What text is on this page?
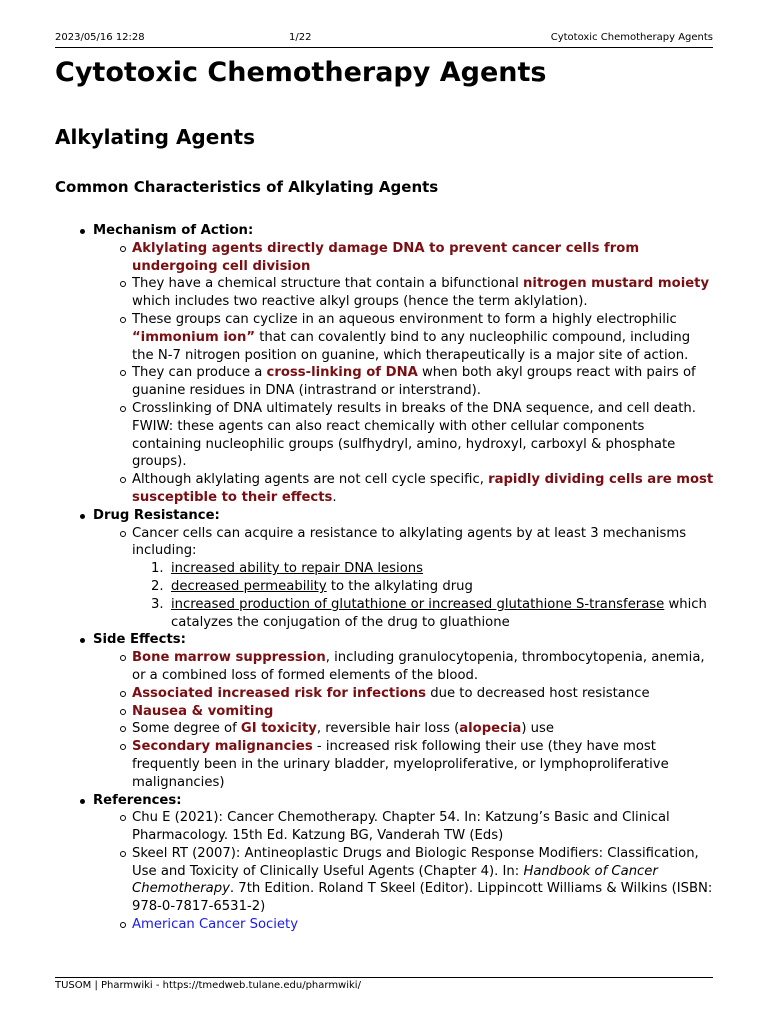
2023/05/16 12:28	1/22	Cytotoxic Chemotherapy Agents
Cytotoxic Chemotherapy Agents
Alkylating Agents
Common Characteristics of Alkylating Agents
Mechanism of Action:
Aklylating agents directly damage DNA to prevent cancer cells from undergoing cell division
They have a chemical structure that contain a bifunctional nitrogen mustard moiety which includes two reactive alkyl groups (hence the term aklylation).
These groups can cyclize in an aqueous environment to form a highly electrophilic “immonium ion” that can covalently bind to any nucleophilic compound, including the N-7 nitrogen position on guanine, which therapeutically is a major site of action.
They can produce a cross-linking of DNA when both akyl groups react with pairs of guanine residues in DNA (intrastrand or interstrand).
Crosslinking of DNA ultimately results in breaks of the DNA sequence, and cell death. FWIW: these agents can also react chemically with other cellular components containing nucleophilic groups (sulfhydryl, amino, hydroxyl, carboxyl & phosphate groups).
Although aklylating agents are not cell cycle specific, rapidly dividing cells are most susceptible to their effects.
Drug Resistance:
Cancer cells can acquire a resistance to alkylating agents by at least 3 mechanisms including:
1. increased ability to repair DNA lesions
2. decreased permeability to the alkylating drug
3. increased production of glutathione or increased glutathione S-transferase which catalyzes the conjugation of the drug to gluathione
Side Effects:
Bone marrow suppression, including granulocytopenia, thrombocytopenia, anemia, or a combined loss of formed elements of the blood.
Associated increased risk for infections due to decreased host resistance
Nausea & vomiting
Some degree of GI toxicity, reversible hair loss (alopecia) use
Secondary malignancies - increased risk following their use (they have most frequently been in the urinary bladder, myeloproliferative, or lymphoproliferative malignancies)
References:
Chu E (2021): Cancer Chemotherapy. Chapter 54. In: Katzung’s Basic and Clinical Pharmacology. 15th Ed. Katzung BG, Vanderah TW (Eds)
Skeel RT (2007): Antineoplastic Drugs and Biologic Response Modifiers: Classification, Use and Toxicity of Clinically Useful Agents (Chapter 4). In: Handbook of Cancer Chemotherapy. 7th Edition. Roland T Skeel (Editor). Lippincott Williams & Wilkins (ISBN: 978-0-7817-6531-2)
American Cancer Society
TUSOM | Pharmwiki - https://tmedweb.tulane.edu/pharmwiki/
